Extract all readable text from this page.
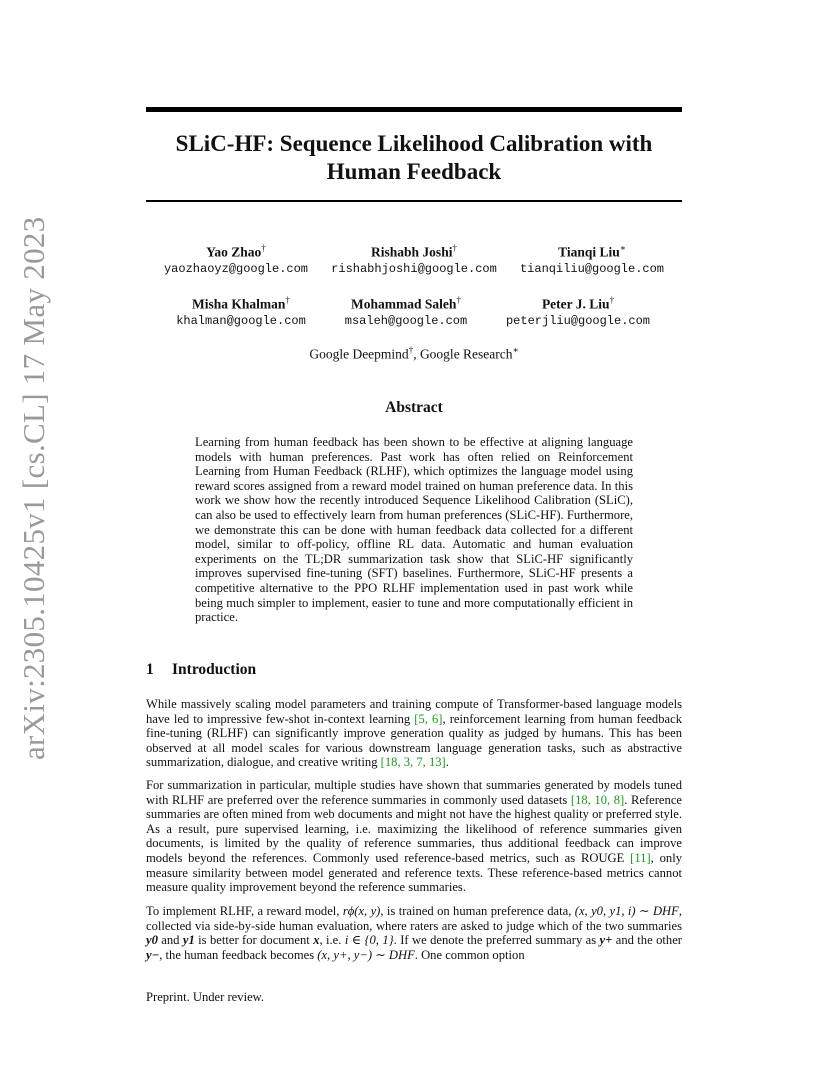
arXiv:2305.10425v1 [cs.CL] 17 May 2023
SLiC-HF: Sequence Likelihood Calibration with
Human Feedback
Yao Zhao†
yaozhaoyz@google.com
Rishabh Joshi†
rishabhjoshi@google.com
Tianqi Liu∗
tianqiliu@google.com
Misha Khalman†
khalman@google.com
Mohammad Saleh†
msaleh@google.com
Peter J. Liu†
peterjliu@google.com
Google Deepmind†, Google Research∗
Abstract
Learning from human feedback has been shown to be effective at aligning language models with human preferences. Past work has often relied on Reinforcement Learning from Human Feedback (RLHF), which optimizes the language model using reward scores assigned from a reward model trained on human preference data. In this work we show how the recently introduced Sequence Likelihood Calibration (SLiC), can also be used to effectively learn from human preferences (SLiC-HF). Furthermore, we demonstrate this can be done with human feedback data collected for a different model, similar to off-policy, offline RL data. Automatic and human evaluation experiments on the TL;DR summarization task show that SLiC-HF significantly improves supervised fine-tuning (SFT) baselines. Furthermore, SLiC-HF presents a competitive alternative to the PPO RLHF implementation used in past work while being much simpler to implement, easier to tune and more computationally efficient in practice.
1 Introduction
While massively scaling model parameters and training compute of Transformer-based language models have led to impressive few-shot in-context learning [5, 6], reinforcement learning from human feedback fine-tuning (RLHF) can significantly improve generation quality as judged by humans. This has been observed at all model scales for various downstream language generation tasks, such as abstractive summarization, dialogue, and creative writing [18, 3, 7, 13].
For summarization in particular, multiple studies have shown that summaries generated by models tuned with RLHF are preferred over the reference summaries in commonly used datasets [18, 10, 8]. Reference summaries are often mined from web documents and might not have the highest quality or preferred style. As a result, pure supervised learning, i.e. maximizing the likelihood of reference summaries given documents, is limited by the quality of reference summaries, thus additional feedback can improve models beyond the references. Commonly used reference-based metrics, such as ROUGE [11], only measure similarity between model generated and reference texts. These reference-based metrics cannot measure quality improvement beyond the reference summaries.
To implement RLHF, a reward model, rϕ(x, y), is trained on human preference data, (x, y0, y1, i) ∼ DHF, collected via side-by-side human evaluation, where raters are asked to judge which of the two summaries y0 and y1 is better for document x, i.e. i ∈ {0, 1}. If we denote the preferred summary as y+ and the other y−, the human feedback becomes (x, y+, y−) ∼ DHF. One common option
Preprint. Under review.
